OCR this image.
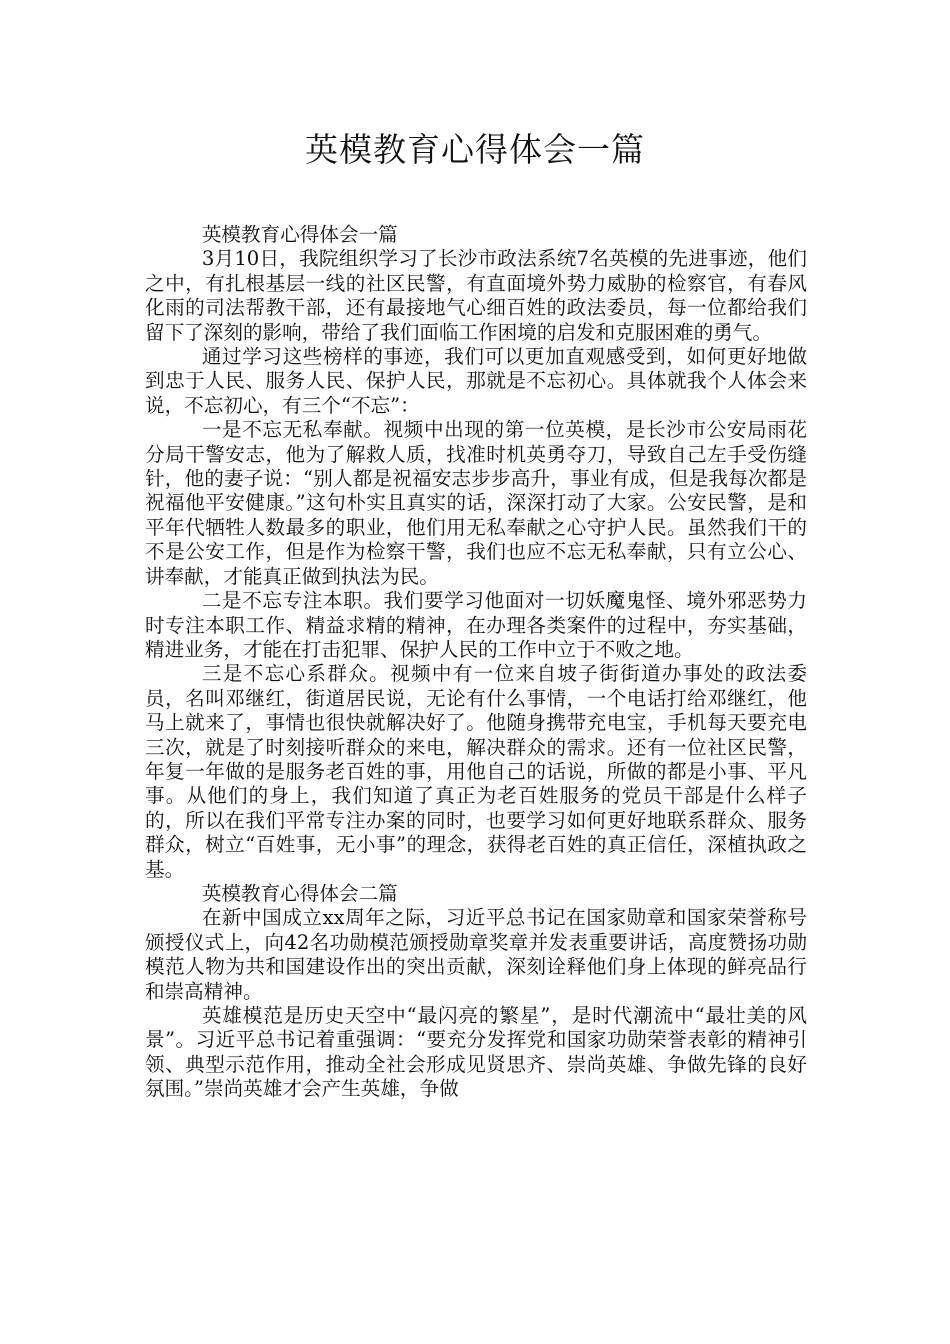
英模教育心得体会一篇

英模教育心得体会一篇

3月10日，我院组织学习了长沙市政法系统7名英模的先进事迹，他们之中，有扎根基层一线的社区民警，有直面境外势力威胁的检察官，有春风化雨的司法帮教干部，还有最接地气心细百姓的政法委员，每一位都给我们留下了深刻的影响，带给了我们面临工作困境的启发和克服困难的勇气。

通过学习这些榜样的事迹，我们可以更加直观感受到，如何更好地做到忠于人民、服务人民、保护人民，那就是不忘初心。具体就我个人体会来说，不忘初心，有三个“不忘”：

一是不忘无私奉献。视频中出现的第一位英模，是长沙市公安局雨花分局干警安志，他为了解救人质，找准时机英勇夺刀，导致自己左手受伤缝针，他的妻子说：“别人都是祝福安志步步高升，事业有成，但是我每次都是祝福他平安健康。”这句朴实且真实的话，深深打动了大家。公安民警，是和平年代牺牲人数最多的职业，他们用无私奉献之心守护人民。虽然我们干的不是公安工作，但是作为检察干警，我们也应不忘无私奉献，只有立公心、讲奉献，才能真正做到执法为民。

二是不忘专注本职。我们要学习他面对一切妖魔鬼怪、境外邪恶势力时专注本职工作、精益求精的精神，在办理各类案件的过程中，夯实基础，精进业务，才能在打击犯罪、保护人民的工作中立于不败之地。

三是不忘心系群众。视频中有一位来自坡子街街道办事处的政法委员，名叫邓继红，街道居民说，无论有什么事情，一个电话打给邓继红，他马上就来了，事情也很快就解决好了。他随身携带充电宝，手机每天要充电三次，就是了时刻接听群众的来电，解决群众的需求。还有一位社区民警，年复一年做的是服务老百姓的事，用他自己的话说，所做的都是小事、平凡事。从他们的身上，我们知道了真正为老百姓服务的党员干部是什么样子的，所以在我们平常专注办案的同时，也要学习如何更好地联系群众、服务群众，树立“百姓事，无小事”的理念，获得老百姓的真正信任，深植执政之基。

英模教育心得体会二篇

在新中国成立xx周年之际，习近平总书记在国家勋章和国家荣誉称号颁授仪式上，向42名功勋模范颁授勋章奖章并发表重要讲话，高度赞扬功勋模范人物为共和国建设作出的突出贡献，深刻诠释他们身上体现的鲜亮品行和崇高精神。

英雄模范是历史天空中“最闪亮的繁星”，是时代潮流中“最壮美的风景”。习近平总书记着重强调：“要充分发挥党和国家功勋荣誉表彰的精神引领、典型示范作用，推动全社会形成见贤思齐、崇尚英雄、争做先锋的良好氛围。”崇尚英雄才会产生英雄，争做
